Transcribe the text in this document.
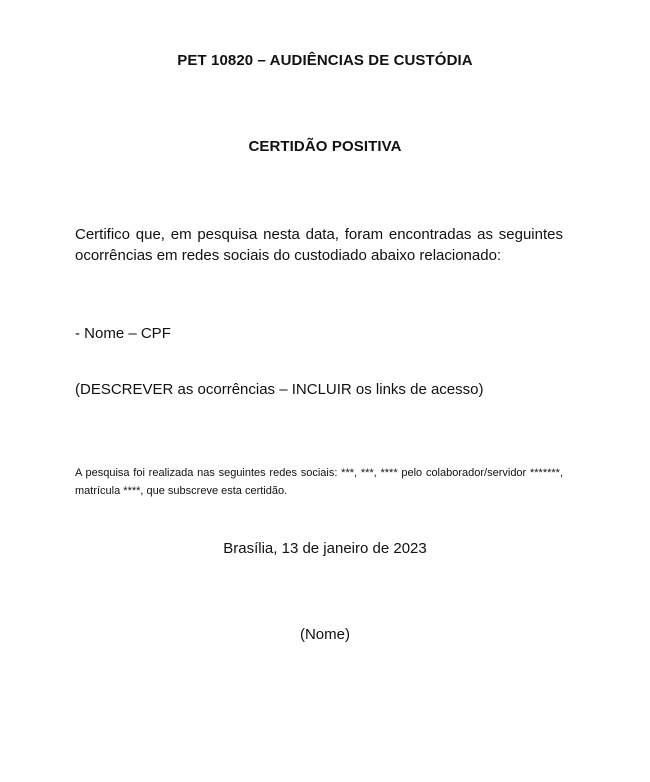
PET 10820 – AUDIÊNCIAS DE CUSTÓDIA
CERTIDÃO POSITIVA
Certifico que, em pesquisa nesta data, foram encontradas as seguintes ocorrências em redes sociais do custodiado abaixo relacionado:
- Nome – CPF
(DESCREVER as ocorrências – INCLUIR os links de acesso)
A pesquisa foi realizada nas seguintes redes sociais: ***, ***, **** pelo colaborador/servidor *******, matrícula ****, que subscreve esta certidão.
Brasília, 13 de janeiro de 2023
(Nome)
